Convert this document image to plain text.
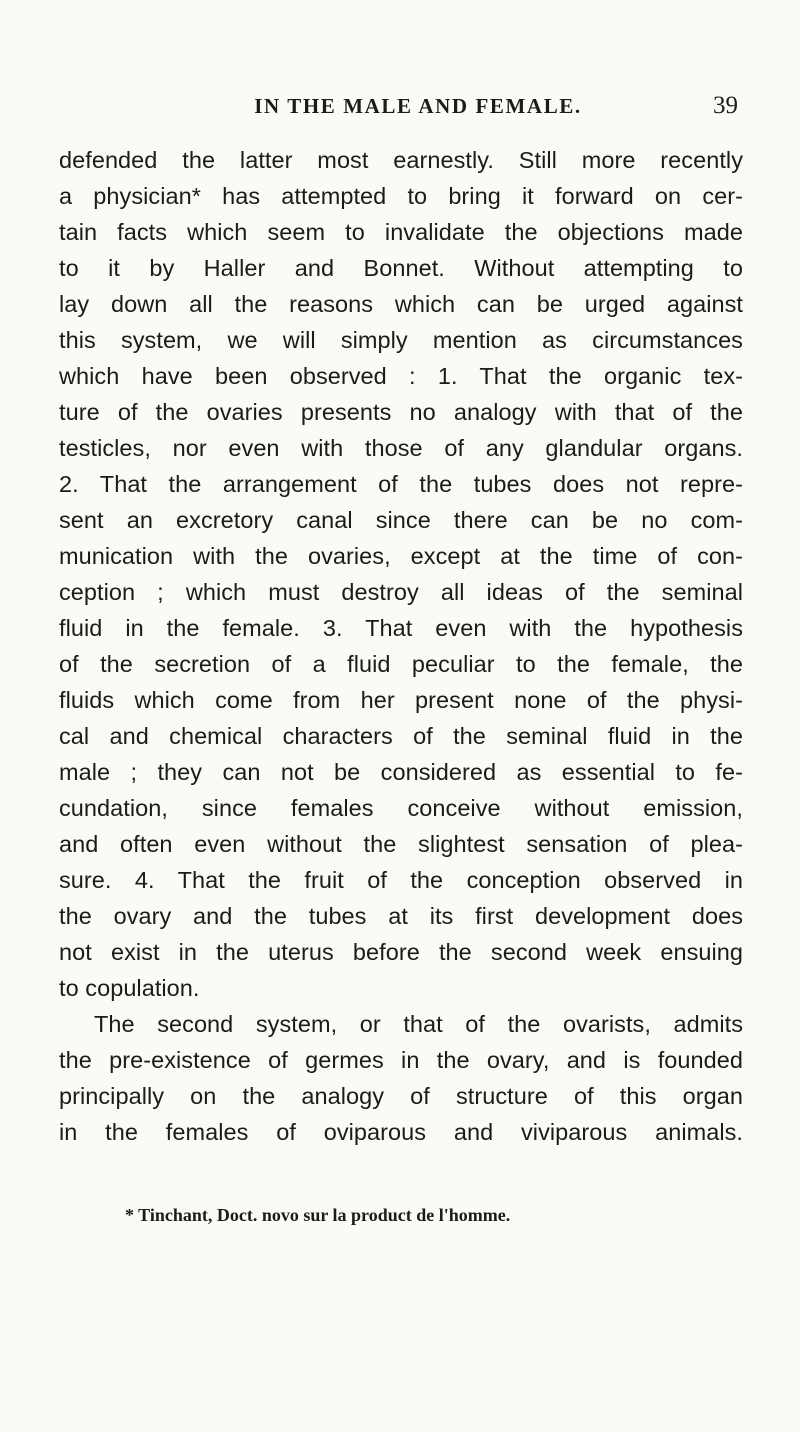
IN THE MALE AND FEMALE.	39
defended the latter most earnestly. Still more recently
a physician* has attempted to bring it forward on cer-
tain facts which seem to invalidate the objections made
to it by Haller and Bonnet. Without attempting to
lay down all the reasons which can be urged against
this system, we will simply mention as circumstances
which have been observed : 1. That the organic tex-
ture of the ovaries presents no analogy with that of the
testicles, nor even with those of any glandular organs.
2. That the arrangement of the tubes does not repre-
sent an excretory canal since there can be no com-
munication with the ovaries, except at the time of con-
ception ; which must destroy all ideas of the seminal
fluid in the female. 3. That even with the hypothesis
of the secretion of a fluid peculiar to the female, the
fluids which come from her present none of the physi-
cal and chemical characters of the seminal fluid in the
male ; they can not be considered as essential to fe-
cundation, since females conceive without emission,
and often even without the slightest sensation of plea-
sure. 4. That the fruit of the conception observed in
the ovary and the tubes at its first development does
not exist in the uterus before the second week ensuing
to copulation.
The second system, or that of the ovarists, admits
the pre-existence of germes in the ovary, and is founded
principally on the analogy of structure of this organ
in the females of oviparous and viviparous animals.
* Tinchant, Doct. novo sur la product de l'homme.
